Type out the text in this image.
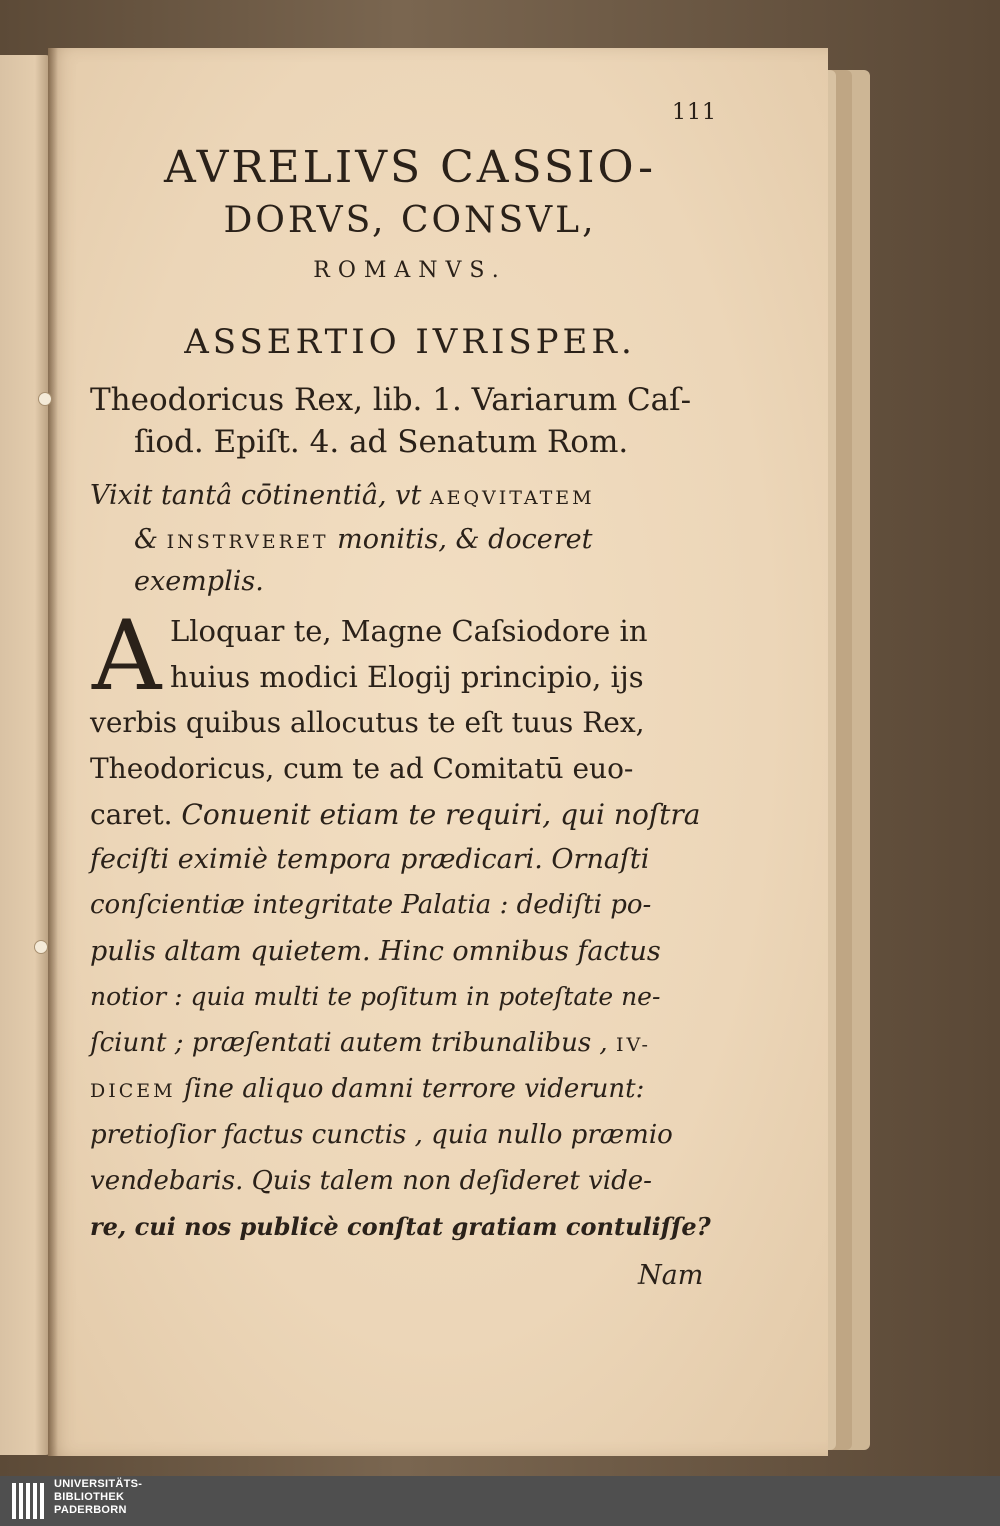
111
AVRELIVS CASSIO-
DORVS, CONSVL,
ROMANVS.
ASSERTIO IVRISPER.
Theodoricus Rex, lib. 1. Variarum Caſ-
ſiod. Epiſt. 4. ad Senatum Rom.
Vixit tantâ cōtinentiâ, vt AEQVITATEM
& INSTRVERET monitis, & doceret
exemplis.
A Lloquar te, Magne Caſsiodore in
huius modici Elogij principio, ijs
verbis quibus allocutus te eſt tuus Rex,
Theodoricus, cum te ad Comitatū euo-
caret. Conuenit etiam te requiri, qui noſtra
feciſti eximiè tempora prædicari. Ornaſti
conſcientiæ integritate Palatia : dediſti po-
pulis altam quietem. Hinc omnibus factus
notior : quia multi te poſitum in poteſtate ne-
ſciunt ; præſentati autem tribunalibus , IV-
DICEM ſine aliquo damni terrore viderunt:
pretioſior factus cunctis , quia nullo præmio
vendebaris. Quis talem non deſideret vide-
re, cui nos publicè conſtat gratiam contuliſſe?
Nam
UNIVERSITÄTS-
BIBLIOTHEK
PADERBORN
